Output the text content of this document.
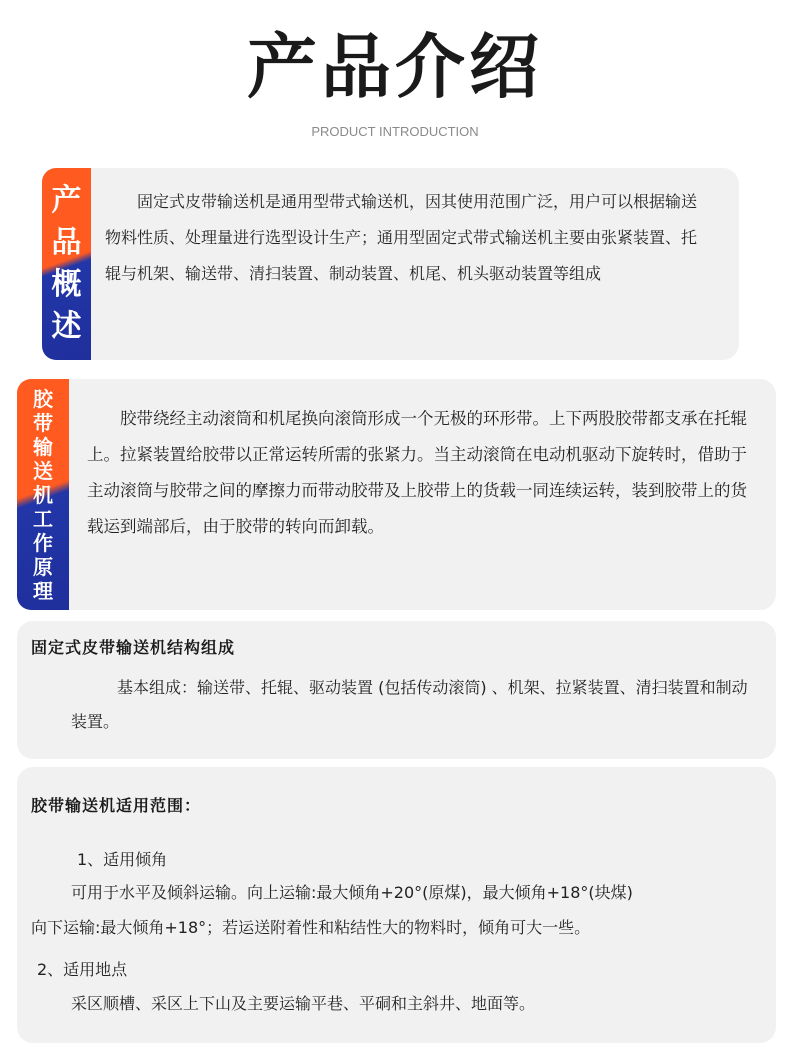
产品介绍
PRODUCT INTRODUCTION
产
品
概
述
固定式皮带输送机是通用型带式输送机，因其使用范围广泛，用户可以根据输送物料性质、处理量进行选型设计生产；通用型固定式带式输送机主要由张紧装置、托辊与机架、输送带、清扫装置、制动装置、机尾、机头驱动装置等组成
胶
带
输
送
机
工
作
原
理
胶带绕经主动滚筒和机尾换向滚筒形成一个无极的环形带。上下两股胶带都支承在托辊上。拉紧装置给胶带以正常运转所需的张紧力。当主动滚筒在电动机驱动下旋转时，借助于主动滚筒与胶带之间的摩擦力而带动胶带及上胶带上的货载一同连续运转，装到胶带上的货载运到端部后，由于胶带的转向而卸载。
固定式皮带输送机结构组成
基本组成：输送带、托辊、驱动装置 (包括传动滚筒) 、机架、拉紧装置、清扫装置和制动装置。
胶带输送机适用范围：
1、适用倾角
可用于水平及倾斜运输。向上运输:最大倾角+20°(原煤)，最大倾角+18°(块煤)
向下运输:最大倾角+18°；若运送附着性和粘结性大的物料时，倾角可大一些。
2、适用地点
采区顺槽、采区上下山及主要运输平巷、平硐和主斜井、地面等。
